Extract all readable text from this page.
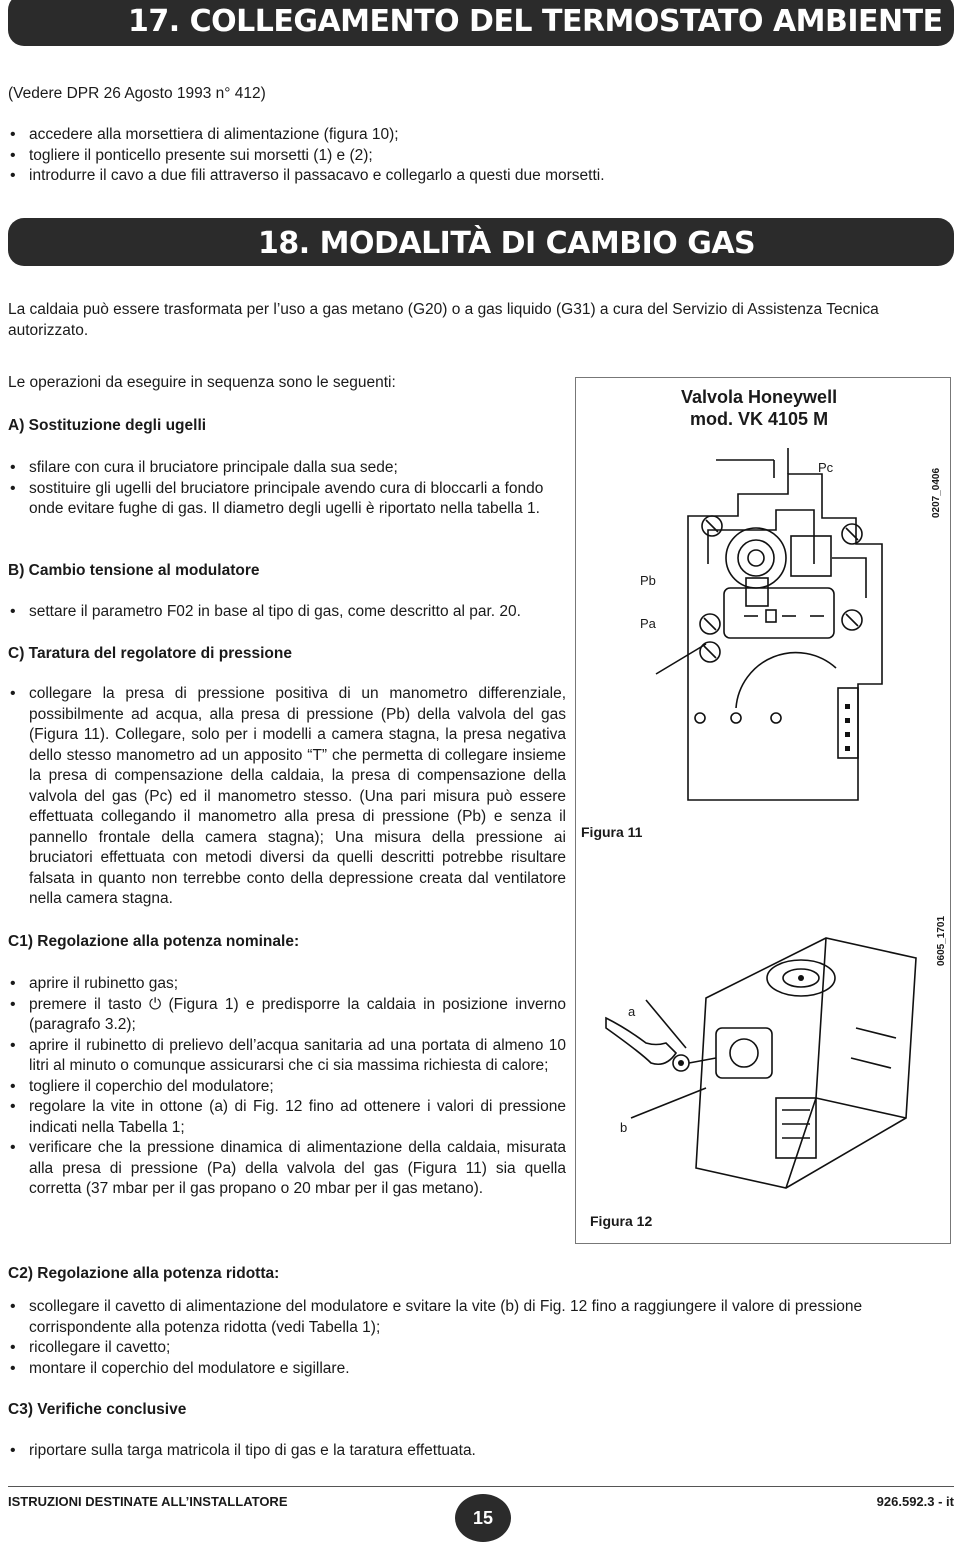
17. COLLEGAMENTO DEL TERMOSTATO AMBIENTE
(Vedere DPR 26 Agosto 1993 n° 412)
• accedere alla morsettiera di alimentazione (figura 10);
• togliere il ponticello presente sui morsetti (1) e (2);
• introdurre il cavo a due fili attraverso il passacavo e collegarlo a questi due morsetti.
18. MODALITÀ DI CAMBIO GAS
La caldaia può essere trasformata per l’uso a gas metano (G20) o a gas liquido (G31) a cura del Servizio di Assistenza Tecnica autorizzato.
Le operazioni da eseguire in sequenza sono le seguenti:
A) Sostituzione degli ugelli
• sfilare con cura il bruciatore principale dalla sua sede;
• sostituire gli ugelli del bruciatore principale avendo cura di bloccarli a fondo onde evitare fughe di gas. Il diametro degli ugelli è riportato nella tabella 1.
B) Cambio tensione al modulatore
• settare il parametro F02 in base al tipo di gas, come descritto al par. 20.
C) Taratura del regolatore di pressione
• collegare la presa di pressione positiva di un manometro differenziale, possibilmente ad acqua, alla presa di pressione (Pb) della valvola del gas (Figura 11). Collegare, solo per i modelli a camera stagna, la presa negativa dello stesso manometro ad un apposito “T” che permetta di collegare insieme la presa di compensazione della caldaia, la presa di compensazione della valvola del gas (Pc) ed il manometro stesso. (Una pari misura può essere effettuata collegando il manometro alla presa di pressione (Pb) e senza il pannello frontale della camera stagna); Una misura della pressione ai bruciatori effettuata con metodi diversi da quelli descritti potrebbe risultare falsata in quanto non terrebbe conto della depressione creata dal ventilatore nella camera stagna.
C1) Regolazione alla potenza nominale:
• aprire il rubinetto gas;
• premere il tasto ⏻ (Figura 1) e predisporre la caldaia in posizione inverno (paragrafo 3.2);
• aprire il rubinetto di prelievo dell’acqua sanitaria ad una portata di almeno 10 litri al minuto o comunque assicurarsi che ci sia massima richiesta di calore;
• togliere il coperchio del modulatore;
• regolare la vite in ottone (a) di Fig. 12 fino ad ottenere i valori di pressione indicati nella Tabella 1;
• verificare che la pressione dinamica di alimentazione della caldaia, misurata alla presa di pressione (Pa) della valvola del gas (Figura 11) sia quella corretta (37 mbar per il gas propano o 20 mbar per il gas metano).
C2) Regolazione alla potenza ridotta:
• scollegare il cavetto di alimentazione del modulatore e svitare la vite (b) di Fig. 12 fino a raggiungere il valore di pressione corrispondente alla potenza ridotta (vedi Tabella 1);
• ricollegare il cavetto;
• montare il coperchio del modulatore e sigillare.
C3) Verifiche conclusive
• riportare sulla targa matricola il tipo di gas e la taratura effettuata.
Valvola Honeywell
mod. VK 4105 M
0207_0406
0605_1701
Pc
Pb
Pa
Figura 11
a
b
Figura 12
ISTRUZIONI DESTINATE ALL’INSTALLATORE
15
926.592.3 - it
